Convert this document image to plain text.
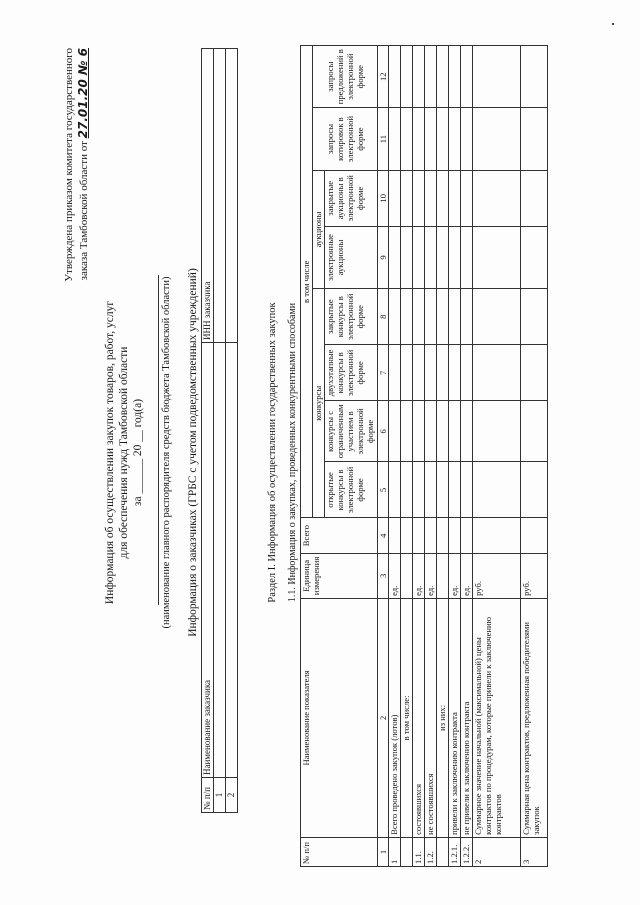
Утверждена приказом комитета государственного заказа Тамбовской области от 27.01.20 № 6
Информация об осуществлении закупок товаров, работ, услуг для обеспечения нужд Тамбовской области за ______ 20 __ год(а) (наименование главного распорядителя средств бюджета Тамбовской области) Информация о заказчиках (ГРБС с учетом подведомственных учреждений)
№ п/п	Наименование заказчика	ИНН заказчика
1		
2		
Раздел I. Информация об осуществлении государственных закупок 1.1. Информация о закупках, проведенных конкурентными способами
№ п/п	Наименование показателя	Единица измерения	Всего	в том числе							
				конкурсы				аукционы		запросы котировок в электронной форме	запросы предложений в электронной форме
				открытые конкурсы в электронной форме	конкурсы с ограниченным участием в электронной форме	двухэтапные конкурсы в электронной форме	закрытые конкурсы в электронной форме	электронные аукционы	закрытые аукционы в электронной форме		
1	2	3	4	5	6	7	8	9	10	11	12
1	Всего проведено закупок (лотов)	ед.									
	в том числе:										
1.1.	состоявшихся	ед.									
1.2.	не состоявшихся	ед.									
	из них:										
1.2.1.	привели к заключению контракта	ед.									
1.2.2.	не привели к заключению контракта	ед.									
2	Суммарное значение начальной (максимальной) цены контрактов по процедурам, которые привели к заключению контрактов	руб.									
3	Суммарная цена контрактов, предложенная победителями закупок	руб.									
